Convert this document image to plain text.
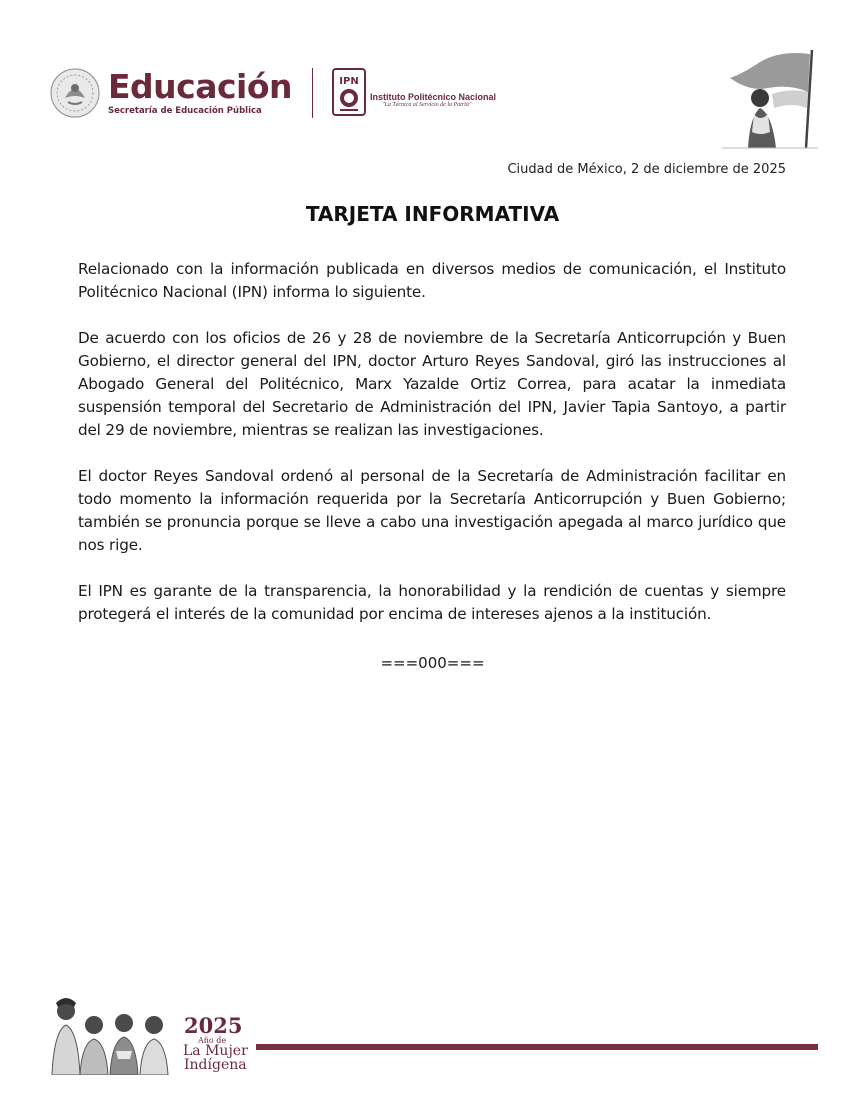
Educación
Secretaría de Educación Pública
IPN
Instituto Politécnico Nacional
"La Técnica al Servicio de la Patria"
Ciudad de México, 2 de diciembre de 2025
TARJETA INFORMATIVA

Relacionado con la información publicada en diversos medios de comunicación, el Instituto Politécnico Nacional (IPN) informa lo siguiente.

De acuerdo con los oficios de 26 y 28 de noviembre de la Secretaría Anticorrupción y Buen Gobierno, el director general del IPN, doctor Arturo Reyes Sandoval, giró las instrucciones al Abogado General del Politécnico, Marx Yazalde Ortiz Correa, para acatar la inmediata suspensión temporal del Secretario de Administración del IPN, Javier Tapia Santoyo, a partir del 29 de noviembre, mientras se realizan las investigaciones.

El doctor Reyes Sandoval ordenó al personal de la Secretaría de Administración facilitar en todo momento la información requerida por la Secretaría Anticorrupción y Buen Gobierno; también se pronuncia porque se lleve a cabo una investigación apegada al marco jurídico que nos rige.

El IPN es garante de la transparencia, la honorabilidad y la rendición de cuentas y siempre protegerá el interés de la comunidad por encima de intereses ajenos a la institución.

===000===
2025
Año de
La Mujer
Indígena
